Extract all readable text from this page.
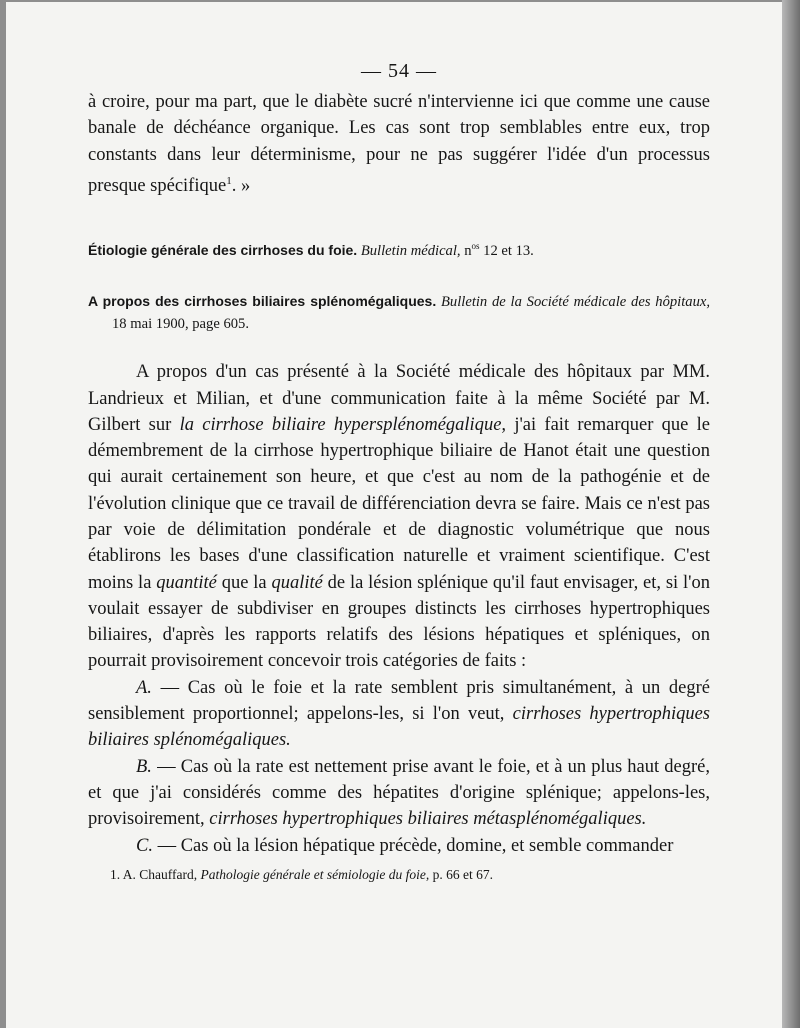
— 54 —

à croire, pour ma part, que le diabète sucré n'intervienne ici que comme une cause banale de déchéance organique. Les cas sont trop semblables entre eux, trop constants dans leur déterminisme, pour ne pas suggérer l'idée d'un processus presque spécifique$^1$. »

Étiologie générale des cirrhoses du foie. Bulletin médical, $n^{os}$ 12 et 13.

A propos des cirrhoses biliaires splénomégaliques. Bulletin de la Société médicale des hôpitaux, 18 mai 1900, page 605.

A propos d'un cas présenté à la Société médicale des hôpitaux par MM. Landrieux et Milian, et d'une communication faite à la même Société par M. Gilbert sur la cirrhose biliaire hypersplénomégalique, j'ai fait remarquer que le démembrement de la cirrhose hypertrophique biliaire de Hanot était une question qui aurait certainement son heure, et que c'est au nom de la pathogénie et de l'évolution clinique que ce travail de différenciation devra se faire. Mais ce n'est pas par voie de délimitation pondérale et de diagnostic volumétrique que nous établirons les bases d'une classification naturelle et vraiment scientifique. C'est moins la quantité que la qualité de la lésion splénique qu'il faut envisager, et, si l'on voulait essayer de subdiviser en groupes distincts les cirrhoses hypertrophiques biliaires, d'après les rapports relatifs des lésions hépatiques et spléniques, on pourrait provisoirement concevoir trois catégories de faits :

A. — Cas où le foie et la rate semblent pris simultanément, à un degré sensiblement proportionnel; appelons-les, si l'on veut, cirrhoses hypertrophiques biliaires splénomégaliques.

B. — Cas où la rate est nettement prise avant le foie, et à un plus haut degré, et que j'ai considérés comme des hépatites d'origine splénique; appelons-les, provisoirement, cirrhoses hypertrophiques biliaires métasplénomégaliques.

C. — Cas où la lésion hépatique précède, domine, et semble commander

1. A. Chauffard, Pathologie générale et sémiologie du foie, p. 66 et 67.
